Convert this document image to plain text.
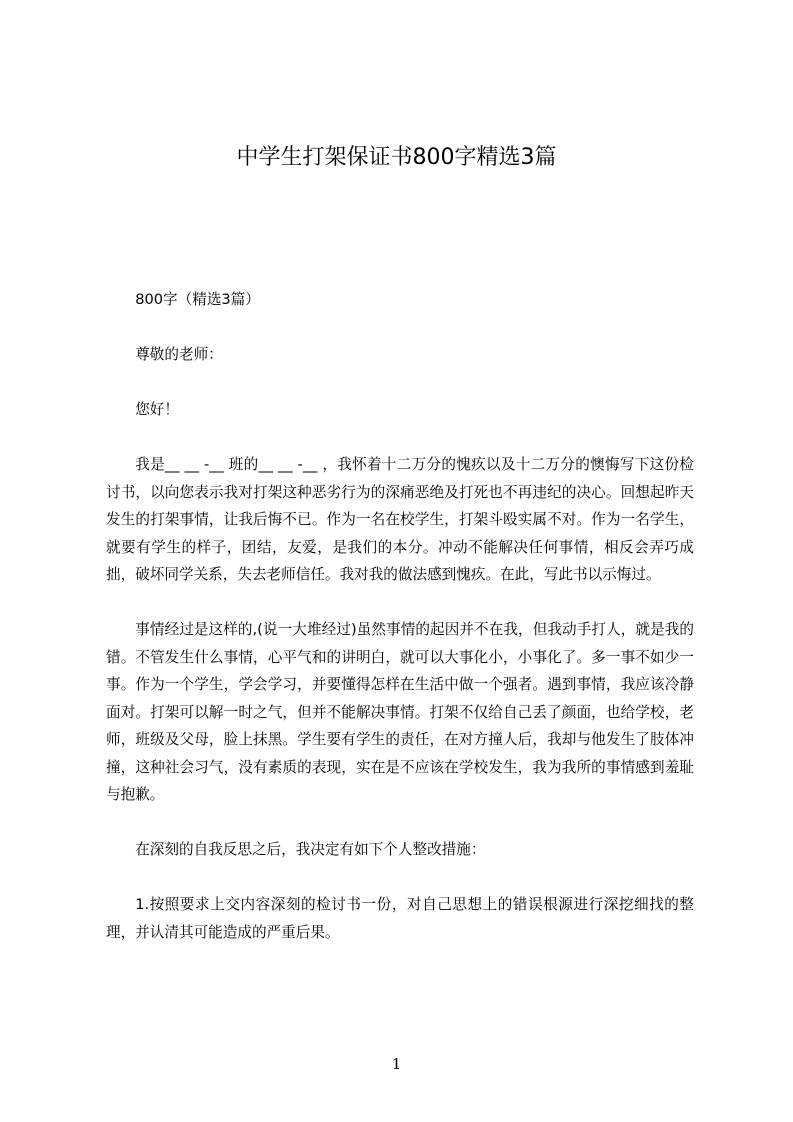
中学生打架保证书800字精选3篇

800字（精选3篇）

尊敬的老师：

您好！

我是__ __ -__ 班的__ __ -__ ，我怀着十二万分的愧疚以及十二万分的懊悔写下这份检讨书，以向您表示我对打架这种恶劣行为的深痛恶绝及打死也不再违纪的决心。回想起昨天发生的打架事情，让我后悔不已。作为一名在校学生，打架斗殴实属不对。作为一名学生，就要有学生的样子，团结，友爱，是我们的本分。冲动不能解决任何事情，相反会弄巧成拙，破坏同学关系，失去老师信任。我对我的做法感到愧疚。在此，写此书以示悔过。

事情经过是这样的,(说一大堆经过)虽然事情的起因并不在我，但我动手打人，就是我的错。不管发生什么事情，心平气和的讲明白，就可以大事化小，小事化了。多一事不如少一事。作为一个学生，学会学习，并要懂得怎样在生活中做一个强者。遇到事情，我应该冷静面对。打架可以解一时之气，但并不能解决事情。打架不仅给自己丢了颜面，也给学校，老师，班级及父母，脸上抹黑。学生要有学生的责任，在对方撞人后，我却与他发生了肢体冲撞，这种社会习气，没有素质的表现，实在是不应该在学校发生，我为我所的事情感到羞耻与抱歉。

在深刻的自我反思之后，我决定有如下个人整改措施：

1.按照要求上交内容深刻的检讨书一份，对自己思想上的错误根源进行深挖细找的整理，并认清其可能造成的严重后果。

1
